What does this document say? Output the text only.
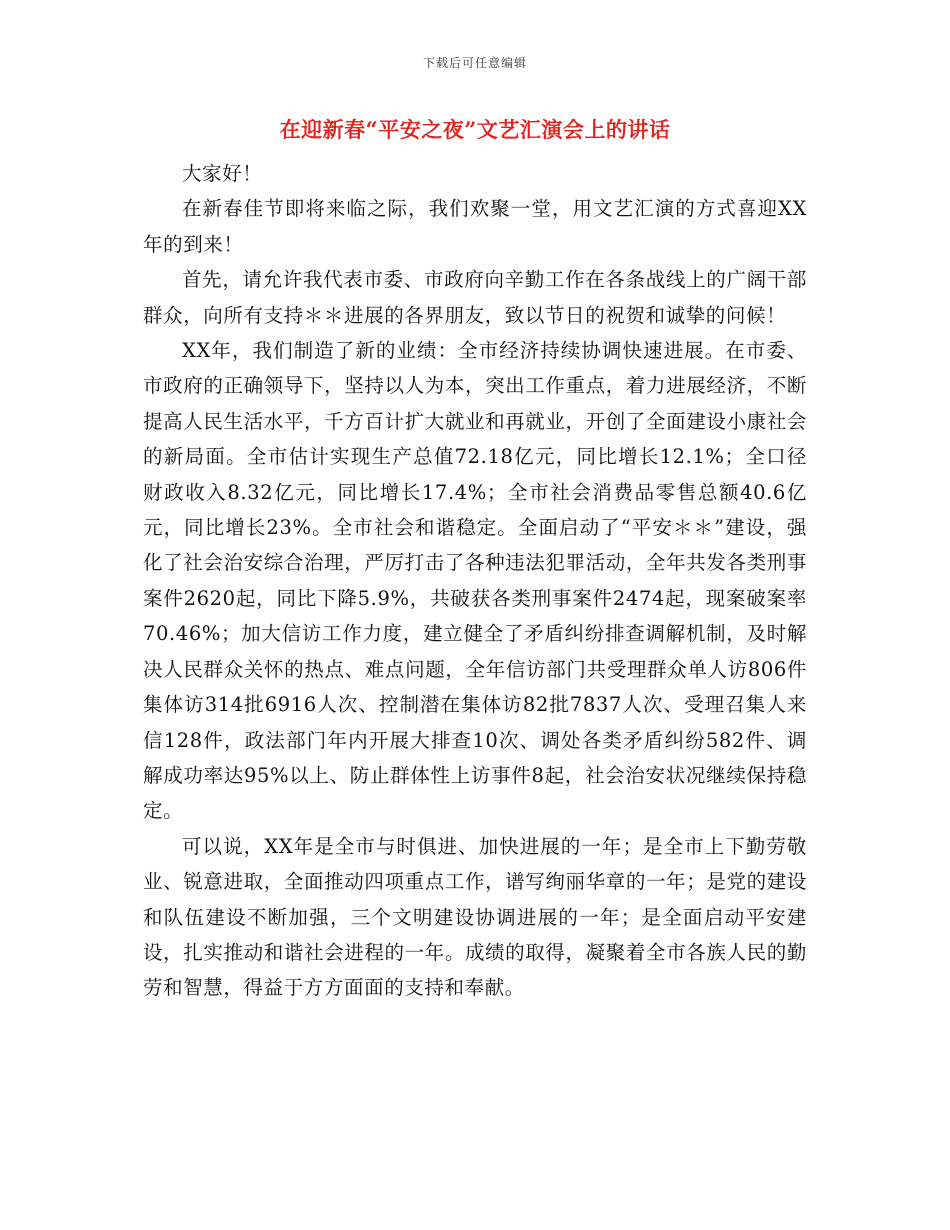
下载后可任意编辑
在迎新春“平安之夜”文艺汇演会上的讲话

大家好！

在新春佳节即将来临之际，我们欢聚一堂，用文艺汇演的方式喜迎XX年的到来！

首先，请允许我代表市委、市政府向辛勤工作在各条战线上的广阔干部群众，向所有支持＊＊进展的各界朋友，致以节日的祝贺和诚挚的问候！

XX年，我们制造了新的业绩：全市经济持续协调快速进展。在市委、市政府的正确领导下，坚持以人为本，突出工作重点，着力进展经济，不断提高人民生活水平，千方百计扩大就业和再就业，开创了全面建设小康社会的新局面。全市估计实现生产总值72.18亿元，同比增长12.1%；全口径财政收入8.32亿元，同比增长17.4%；全市社会消费品零售总额40.6亿元，同比增长23%。全市社会和谐稳定。全面启动了“平安＊＊”建设，强化了社会治安综合治理，严厉打击了各种违法犯罪活动，全年共发各类刑事案件2620起，同比下降5.9%，共破获各类刑事案件2474起，现案破案率70.46%；加大信访工作力度，建立健全了矛盾纠纷排查调解机制，及时解决人民群众关怀的热点、难点问题，全年信访部门共受理群众单人访806件集体访314批6916人次、控制潜在集体访82批7837人次、受理召集人来信128件，政法部门年内开展大排查10次、调处各类矛盾纠纷582件、调解成功率达95%以上、防止群体性上访事件8起，社会治安状况继续保持稳定。

可以说，XX年是全市与时俱进、加快进展的一年；是全市上下勤劳敬业、锐意进取，全面推动四项重点工作，谱写绚丽华章的一年；是党的建设和队伍建设不断加强，三个文明建设协调进展的一年；是全面启动平安建设，扎实推动和谐社会进程的一年。成绩的取得，凝聚着全市各族人民的勤劳和智慧，得益于方方面面的支持和奉献。
